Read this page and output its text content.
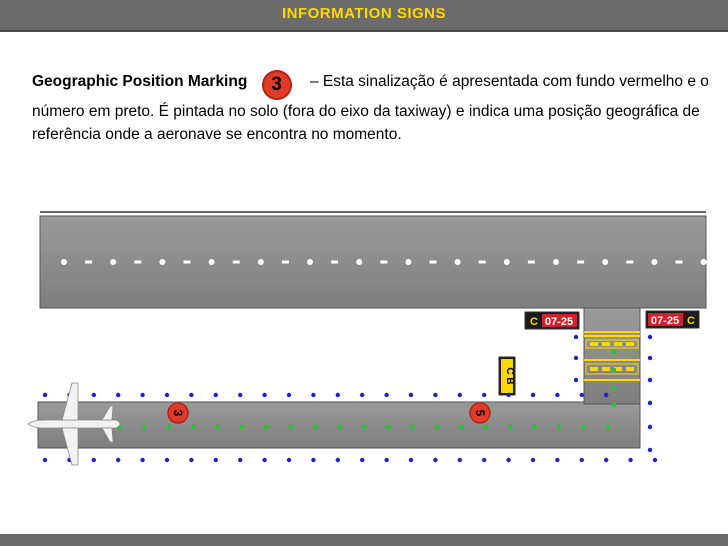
INFORMATION SIGNS
Geographic Position Marking 3 – Esta sinalização é apresentada com fundo vermelho e o número em preto. É pintada no solo (fora do eixo da taxiway) e indica uma posição geográfica de referência onde a aeronave se encontra no momento.
C 07-25	07-25 C
C B
3	5
